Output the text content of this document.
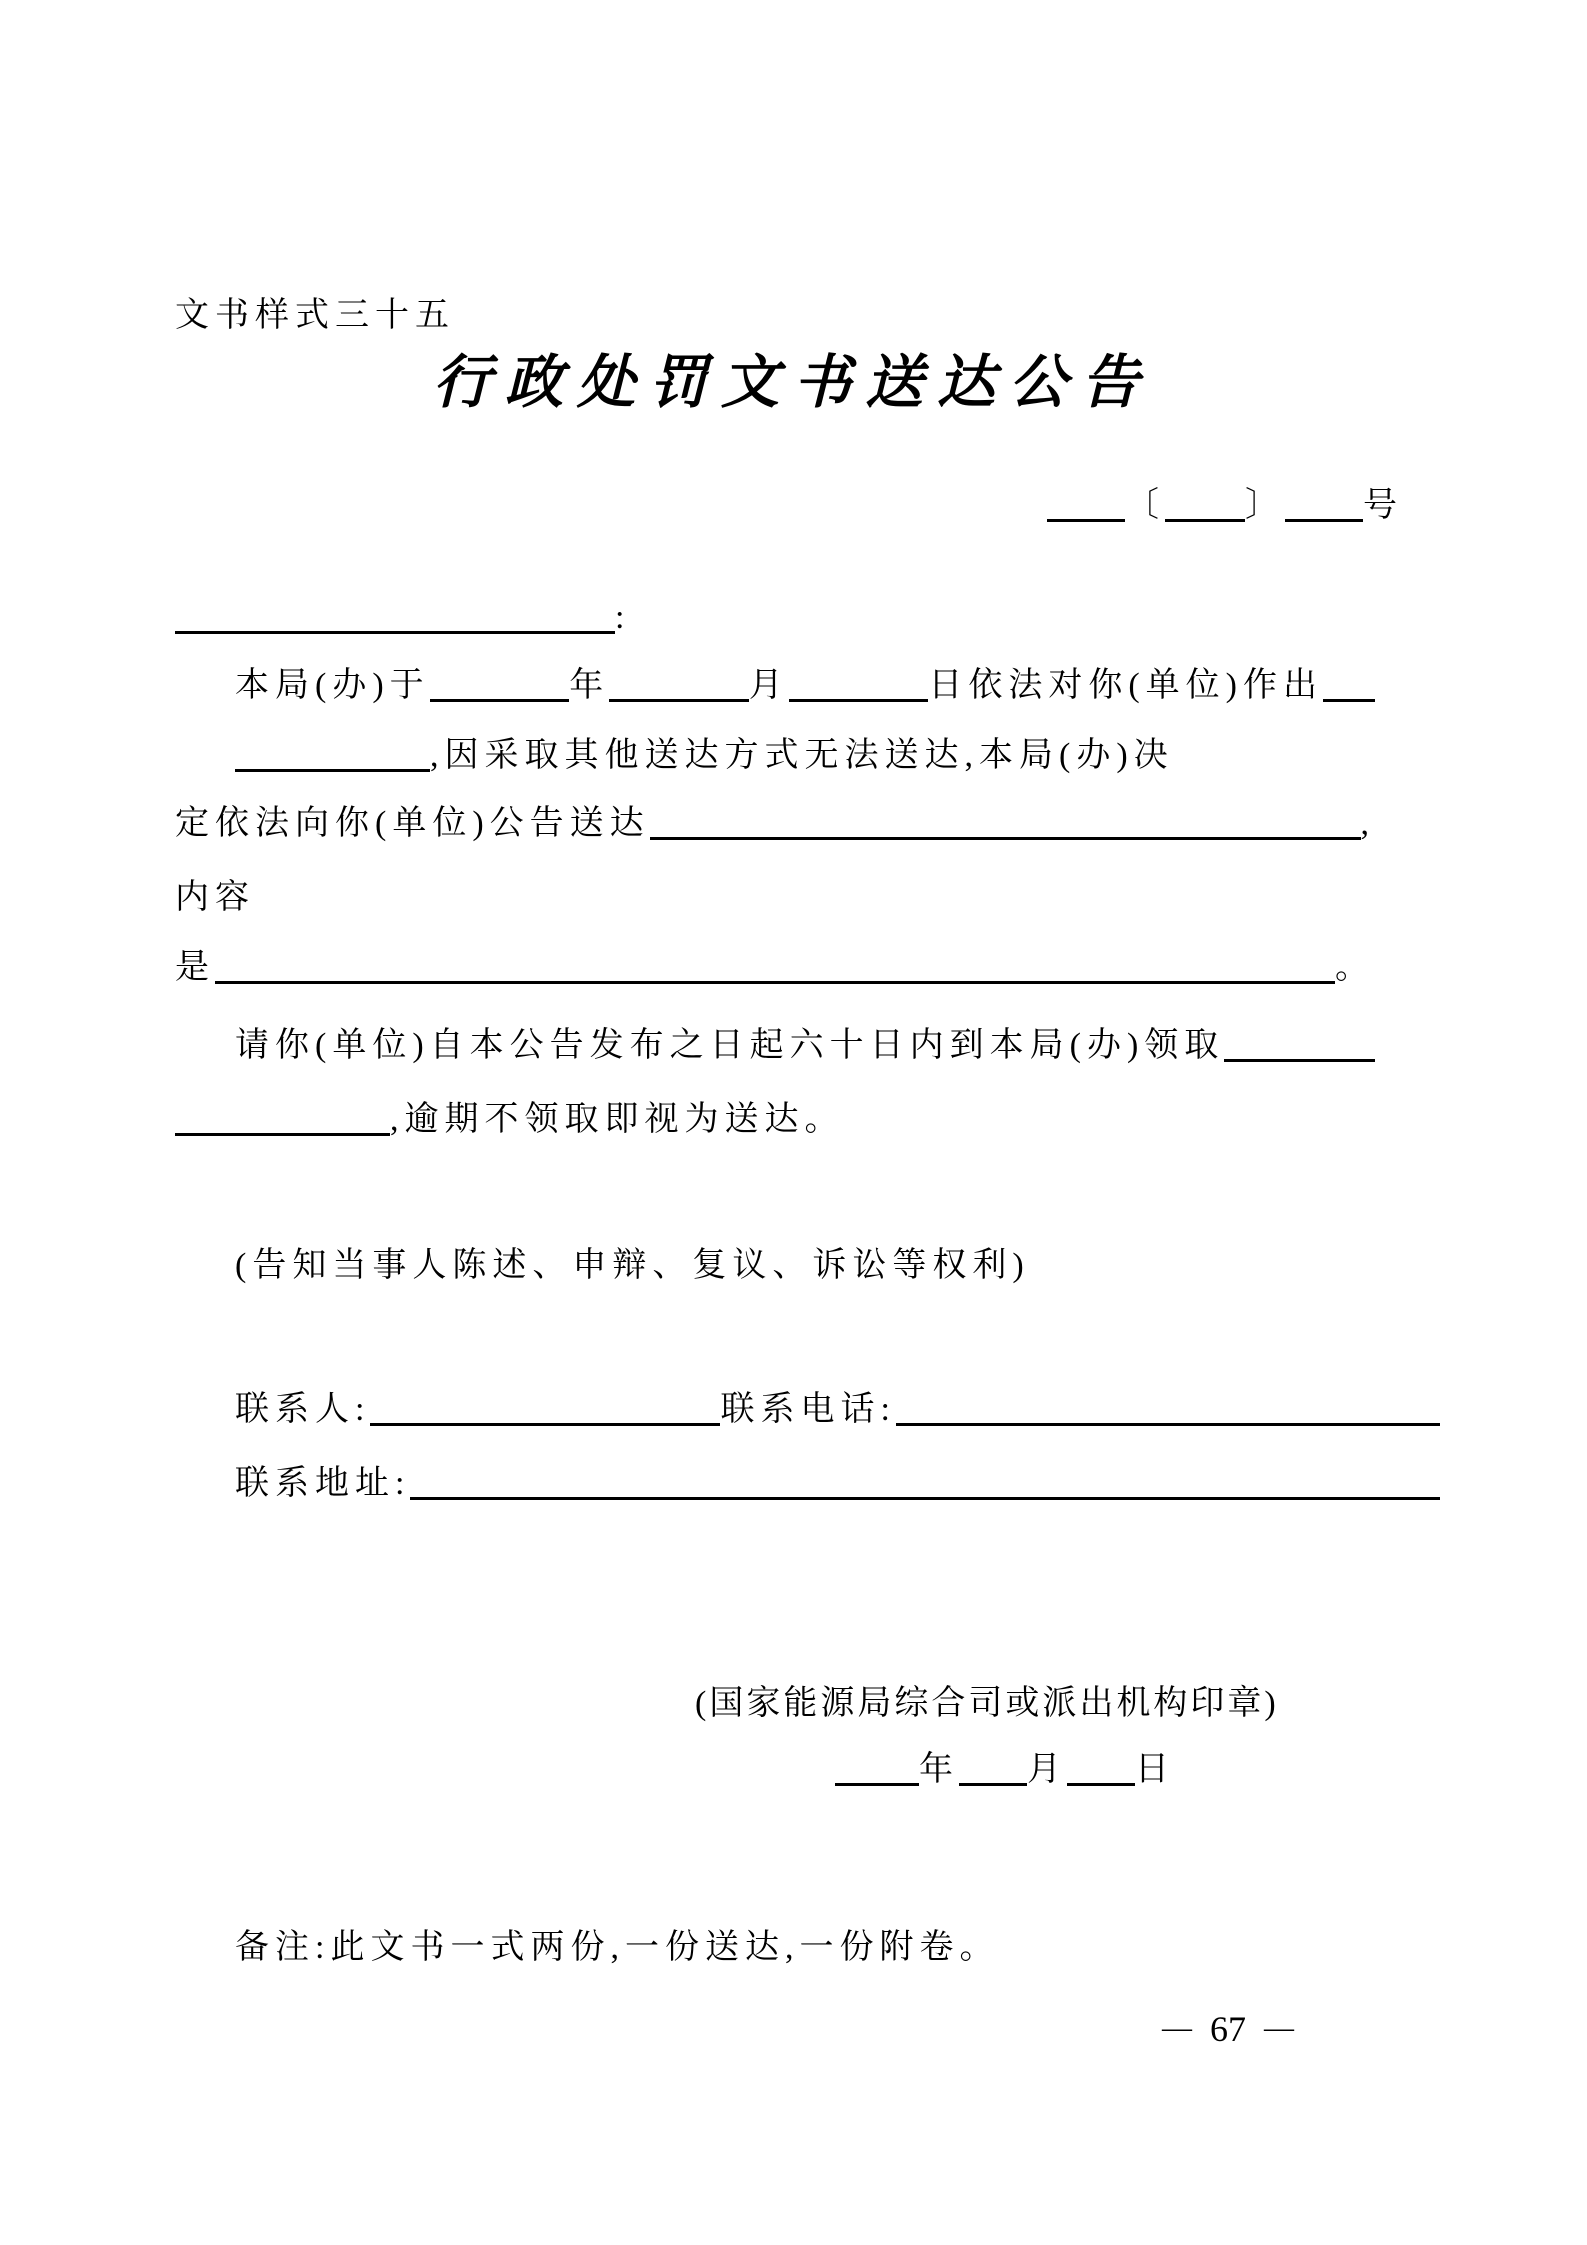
文书样式三十五
行政处罚文书送达公告
〔 〕 号
:
本局(办)于	年	月	日依法对你(单位)作出
,因采取其他送达方式无法送达,本局(办)决
定依法向你(单位)公告送达	,
内容
是	。
请你(单位)自本公告发布之日起六十日内到本局(办)领取
,逾期不领取即视为送达。
(告知当事人陈述、申辩、复议、诉讼等权利)
联系人:	联系电话:
联系地址:
(国家能源局综合司或派出机构印章)
年 月 日
备注:此文书一式两份,一份送达,一份附卷。
— 67 —
